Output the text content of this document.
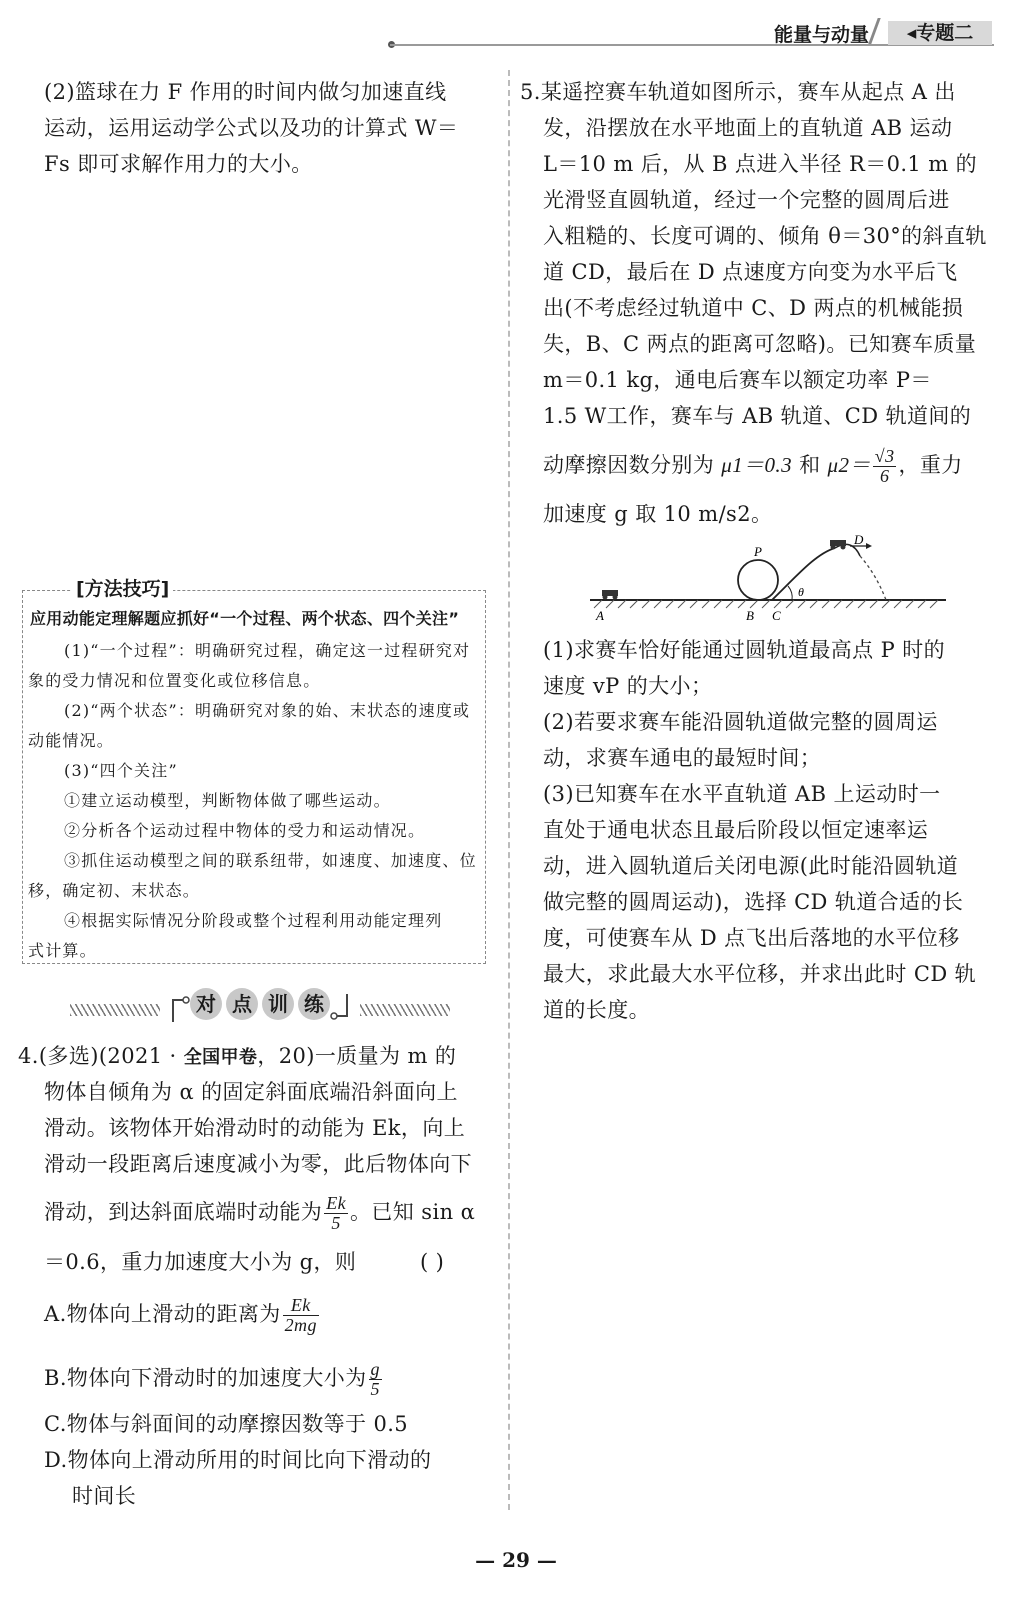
能量与动量	◂专题二
(2)篮球在力 F 作用的时间内做匀加速直线
运动，运用运动学公式以及功的计算式 W＝
Fs 即可求解作用力的大小。
[方法技巧]
应用动能定理解题应抓好“一个过程、两个状态、四个关注”
(1)“一个过程”：明确研究过程，确定这一过程研究对
象的受力情况和位置变化或位移信息。
(2)“两个状态”：明确研究对象的始、末状态的速度或
动能情况。
(3)“四个关注”
①建立运动模型，判断物体做了哪些运动。
②分析各个运动过程中物体的受力和运动情况。
③抓住运动模型之间的联系纽带，如速度、加速度、位
移，确定初、末状态。
④根据实际情况分阶段或整个过程利用动能定理列
式计算。
对 点 训 练
4.(多选)(2021 · 全国甲卷，20)一质量为 m 的
物体自倾角为 α 的固定斜面底端沿斜面向上
滑动。该物体开始滑动时的动能为 Ek，向上
滑动一段距离后速度减小为零，此后物体向下
滑动，到达斜面底端时动能为 $\frac{Ek}{5}$ 。已知 sin α
＝0.6，重力加速度大小为 g，则	( )
A.物体向上滑动的距离为 $\frac{Ek}{2mg}$
B.物体向下滑动时的加速度大小为 $\frac{g}{5}$
C.物体与斜面间的动摩擦因数等于 0.5
D.物体向上滑动所用的时间比向下滑动的
时间长
5.某遥控赛车轨道如图所示，赛车从起点 A 出
发，沿摆放在水平地面上的直轨道 AB 运动
L＝10 m 后，从 B 点进入半径 R＝0.1 m 的
光滑竖直圆轨道，经过一个完整的圆周后进
入粗糙的、长度可调的、倾角 θ＝30°的斜直轨
道 CD，最后在 D 点速度方向变为水平后飞
出(不考虑经过轨道中 C、D 两点的机械能损
失，B、C 两点的距离可忽略)。已知赛车质量
m＝0.1 kg，通电后赛车以额定功率 P＝
1.5 W工作，赛车与 AB 轨道、CD 轨道间的
动摩擦因数分别为 μ1＝0.3 和 $\mu 2= \frac{√3}{6}$ ，重力
加速度 g 取 10 m/s2。
A	B C
P
D
θ
(1)求赛车恰好能通过圆轨道最高点 P 时的
速度 vP 的大小；
(2)若要求赛车能沿圆轨道做完整的圆周运
动，求赛车通电的最短时间；
(3)已知赛车在水平直轨道 AB 上运动时一
直处于通电状态且最后阶段以恒定速率运
动，进入圆轨道后关闭电源(此时能沿圆轨道
做完整的圆周运动)，选择 CD 轨道合适的长
度，可使赛车从 D 点飞出后落地的水平位移
最大，求此最大水平位移，并求出此时 CD 轨
道的长度。
— 29 —
